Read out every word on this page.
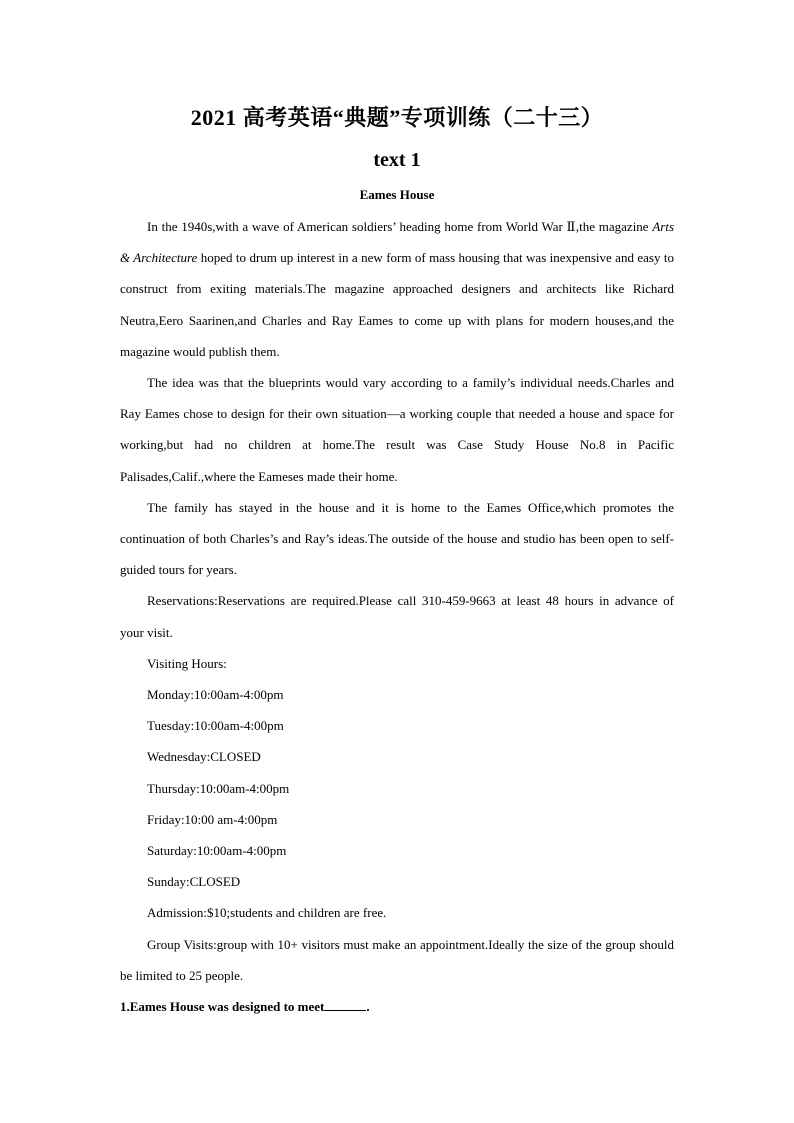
2021 高考英语“典题”专项训练（二十三）
text 1
Eames House

In the 1940s,with a wave of American soldiers’ heading home from World War Ⅱ,the magazine Arts & Architecture hoped to drum up interest in a new form of mass housing that was inexpensive and easy to construct from exiting materials.The magazine approached designers and architects like Richard Neutra,Eero Saarinen,and Charles and Ray Eames to come up with plans for modern houses,and the magazine would publish them.

The idea was that the blueprints would vary according to a family’s individual needs.Charles and Ray Eames chose to design for their own situation—a working couple that needed a house and space for working,but had no children at home.The result was Case Study House No.8 in Pacific Palisades,Calif.,where the Eameses made their home.

The family has stayed in the house and it is home to the Eames Office,which promotes the continuation of both Charles’s and Ray’s ideas.The outside of the house and studio has been open to self-guided tours for years.

Reservations:Reservations are required.Please call 310-459-9663 at least 48 hours in advance of your visit.

Visiting Hours:

Monday:10:00am-4:00pm

Tuesday:10:00am-4:00pm

Wednesday:CLOSED

Thursday:10:00am-4:00pm

Friday:10:00 am-4:00pm

Saturday:10:00am-4:00pm

Sunday:CLOSED

Admission:$10;students and children are free.

Group Visits:group with 10+ visitors must make an appointment.Ideally the size of the group should be limited to 25 people.

1.Eames House was designed to meet	.
